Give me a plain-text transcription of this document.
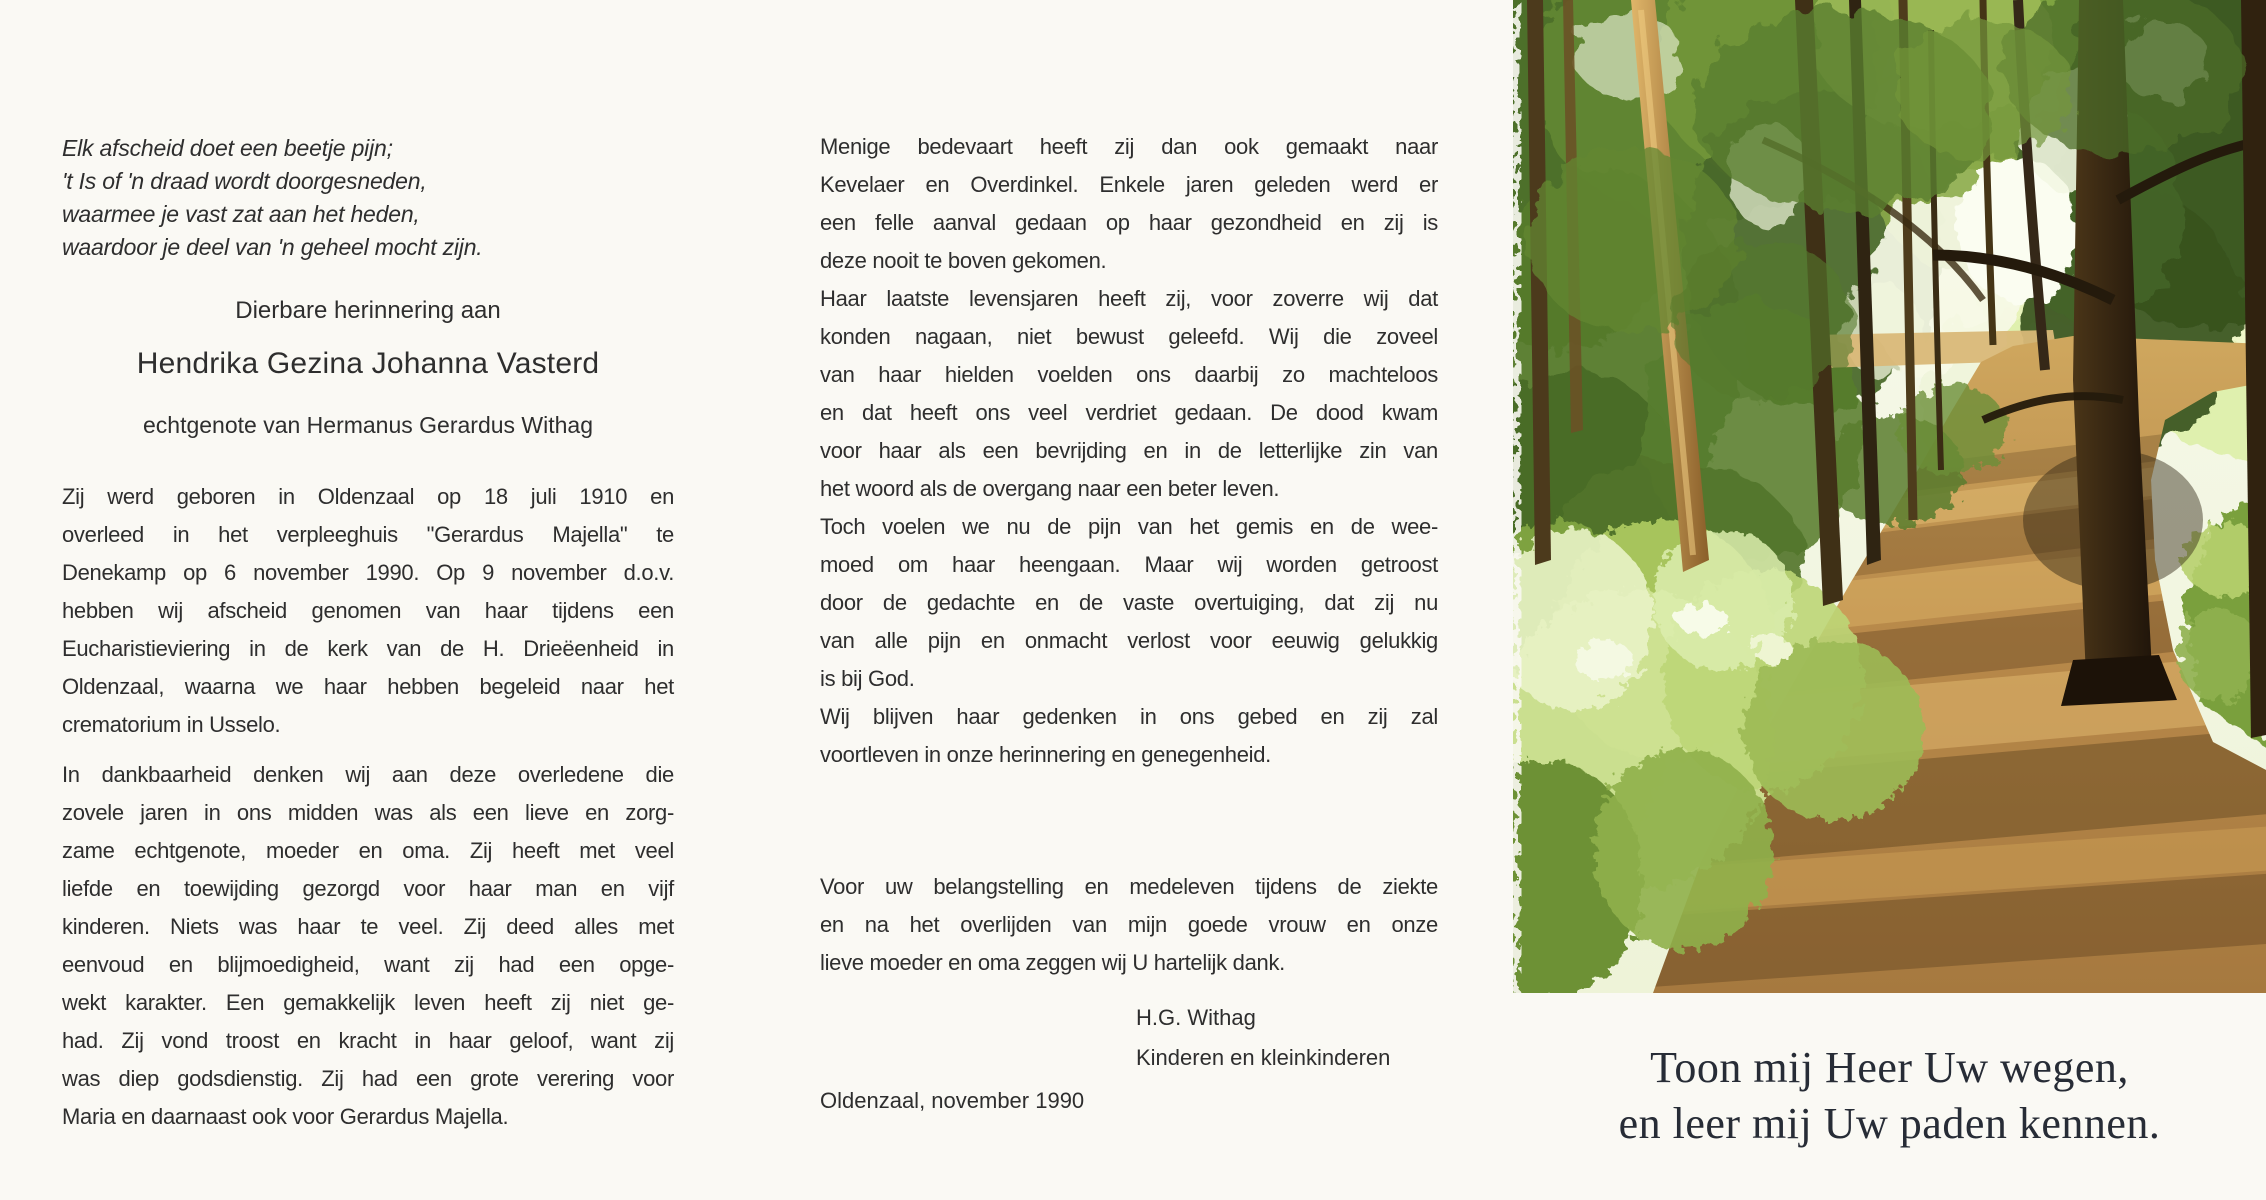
Elk afscheid doet een beetje pijn;
't Is of 'n draad wordt doorgesneden,
waarmee je vast zat aan het heden,
waardoor je deel van 'n geheel mocht zijn.
Dierbare herinnering aan
Hendrika Gezina Johanna Vasterd
echtgenote van Hermanus Gerardus Withag
Zij werd geboren in Oldenzaal op 18 juli 1910 en
overleed in het verpleeghuis "Gerardus Majella" te
Denekamp op 6 november 1990. Op 9 november d.o.v.
hebben wij afscheid genomen van haar tijdens een
Eucharistieviering in de kerk van de H. Drieëenheid in
Oldenzaal, waarna we haar hebben begeleid naar het
crematorium in Usselo.
In dankbaarheid denken wij aan deze overledene die
zovele jaren in ons midden was als een lieve en zorg-
zame echtgenote, moeder en oma. Zij heeft met veel
liefde en toewijding gezorgd voor haar man en vijf
kinderen. Niets was haar te veel. Zij deed alles met
eenvoud en blijmoedigheid, want zij had een opge-
wekt karakter. Een gemakkelijk leven heeft zij niet ge-
had. Zij vond troost en kracht in haar geloof, want zij
was diep godsdienstig. Zij had een grote verering voor
Maria en daarnaast ook voor Gerardus Majella.
Menige bedevaart heeft zij dan ook gemaakt naar
Kevelaer en Overdinkel. Enkele jaren geleden werd er
een felle aanval gedaan op haar gezondheid en zij is
deze nooit te boven gekomen.
Haar laatste levensjaren heeft zij, voor zoverre wij dat
konden nagaan, niet bewust geleefd. Wij die zoveel
van haar hielden voelden ons daarbij zo machteloos
en dat heeft ons veel verdriet gedaan. De dood kwam
voor haar als een bevrijding en in de letterlijke zin van
het woord als de overgang naar een beter leven.
Toch voelen we nu de pijn van het gemis en de wee-
moed om haar heengaan. Maar wij worden getroost
door de gedachte en de vaste overtuiging, dat zij nu
van alle pijn en onmacht verlost voor eeuwig gelukkig
is bij God.
Wij blijven haar gedenken in ons gebed en zij zal
voortleven in onze herinnering en genegenheid.
Voor uw belangstelling en medeleven tijdens de ziekte
en na het overlijden van mijn goede vrouw en onze
lieve moeder en oma zeggen wij U hartelijk dank.
H.G. Withag
Kinderen en kleinkinderen
Oldenzaal, november 1990
Toon mij Heer Uw wegen,
en leer mij Uw paden kennen.
